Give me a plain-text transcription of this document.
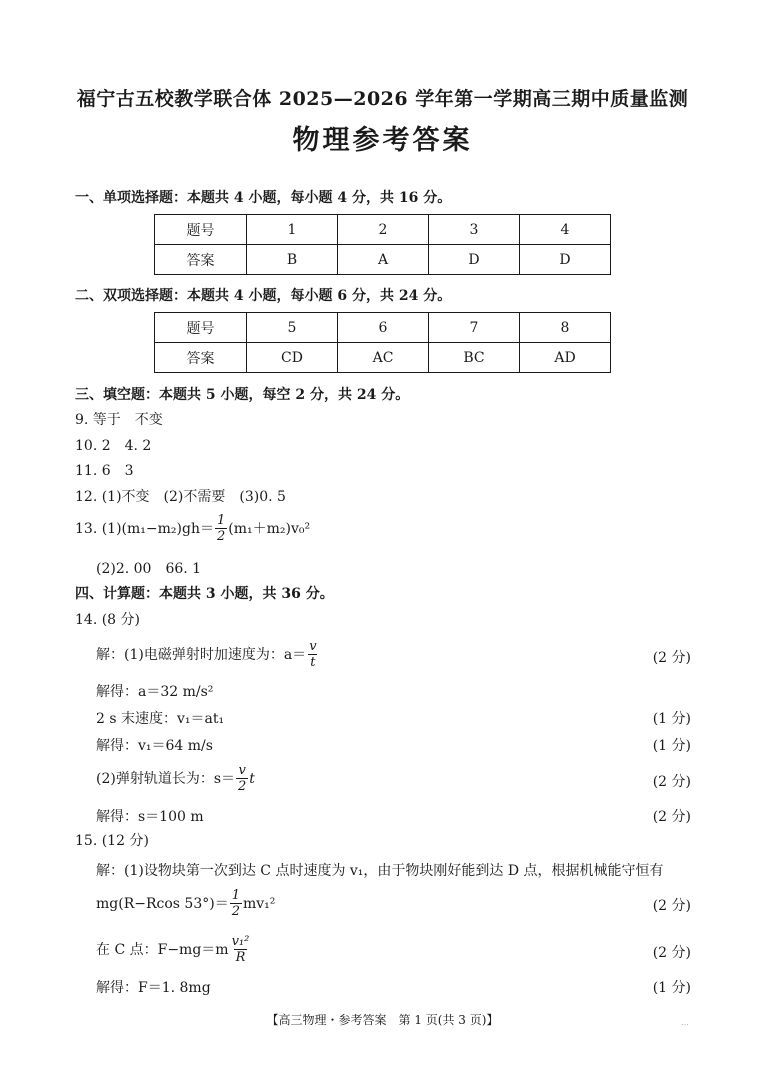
福宁古五校教学联合体 2025—2026 学年第一学期高三期中质量监测
物理参考答案
一、单项选择题：本题共 4 小题，每小题 4 分，共 16 分。
题号	1	2	3	4
答案	B	A	D	D
二、双项选择题：本题共 4 小题，每小题 6 分，共 24 分。
题号	5	6	7	8
答案	CD	AC	BC	AD
三、填空题：本题共 5 小题，每空 2 分，共 24 分。
9. 等于　不变
10. 2　4. 2
11. 6　3
12. (1)不变　(2)不需要　(3)0. 5
13. $(1)(m_1-m_2)gh= \frac{1}{2} (m_1+m_2)v_0^2$
(2)2. 00　66. 1
四、计算题：本题共 3 小题，共 36 分。
14. (8 分)
解：(1)电磁弹射时加速度为：$a= \frac{v}{t}$	(2 分)
解得：a＝32 m/s²
2 s 末速度：v₁＝at₁	(1 分)
解得：v₁＝64 m/s	(1 分)
(2)弹射轨道长为：$s= \frac{v}{2}$ t	(2 分)
解得：s＝100 m	(2 分)
15. (12 分)
解：(1)设物块第一次到达 C 点时速度为 v₁，由于物块刚好能到达 D 点，根据机械能守恒有
mg(R−Rcos $53^\circ)= \frac{1}{2} mv_1^2$	(2 分)
在 C 点：$F-mg=m \frac{\text{v₁²}}{R}$	(2 分)
解得：F＝1. 8mg	(1 分)
【高三物理・参考答案　第 1 页(共 3 页)】	…
